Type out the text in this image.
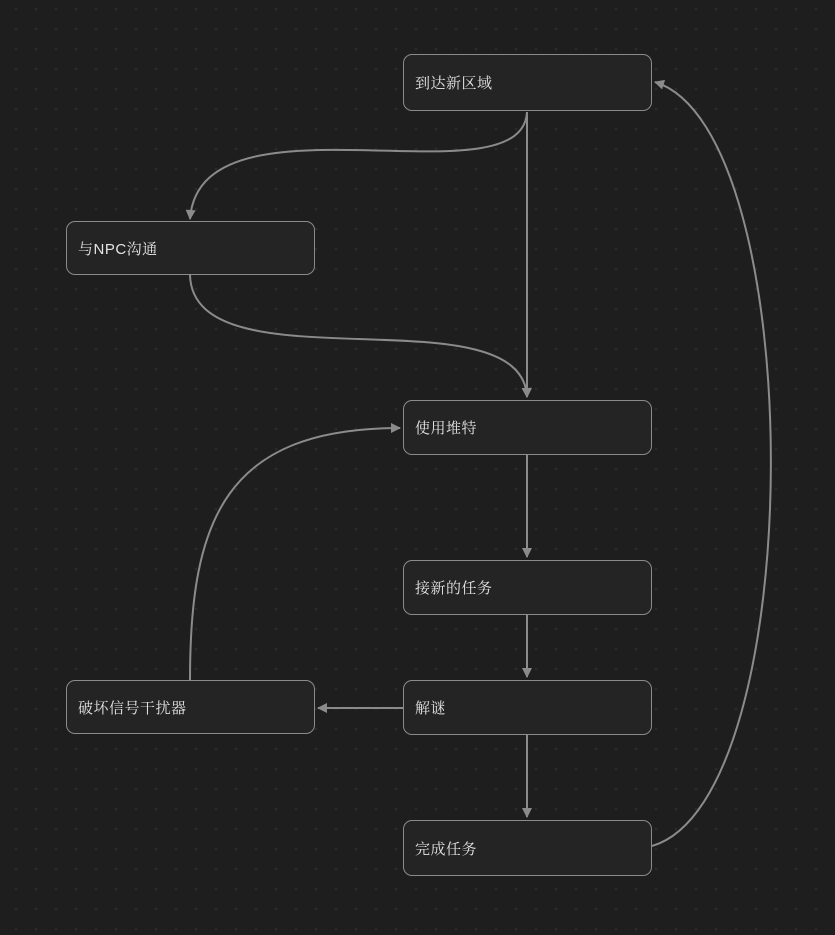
到达新区域
与NPC沟通
使用堆特
接新的任务
解谜
破坏信号干扰器
完成任务
